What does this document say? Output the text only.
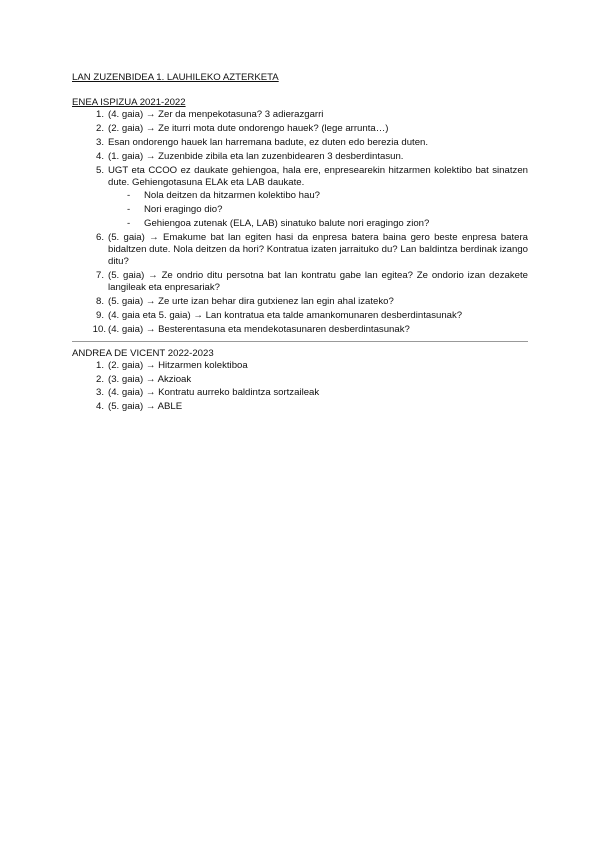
LAN ZUZENBIDEA 1. LAUHILEKO AZTERKETA

ENEA ISPIZUA 2021-2022

1. (4. gaia) → Zer da menpekotasuna? 3 adierazgarri
2. (2. gaia) → Ze iturri mota dute ondorengo hauek? (lege arrunta…)
3. Esan ondorengo hauek lan harremana badute, ez duten edo berezia duten.
4. (1. gaia) → Zuzenbide zibila eta lan zuzenbidearen 3 desberdintasun.
5. UGT eta CCOO ez daukate gehiengoa, hala ere, enpresearekin hitzarmen kolektibo bat sinatzen dute. Gehiengotasuna ELAk eta LAB daukate.
- Nola deitzen da hitzarmen kolektibo hau?
- Nori eragingo dio?
- Gehiengoa zutenak (ELA, LAB) sinatuko balute nori eragingo zion?
6. (5. gaia) → Emakume bat lan egiten hasi da enpresa batera baina gero beste enpresa batera bidaltzen dute. Nola deitzen da hori? Kontratua izaten jarraituko du? Lan baldintza berdinak izango ditu?
7. (5. gaia) → Ze ondrio ditu persotna bat lan kontratu gabe lan egitea? Ze ondorio izan dezakete langileak eta enpresariak?
8. (5. gaia) → Ze urte izan behar dira gutxienez lan egin ahal izateko?
9. (4. gaia eta 5. gaia) → Lan kontratua eta talde amankomunaren desberdintasunak?
10. (4. gaia) → Besterentasuna eta mendekotasunaren desberdintasunak?

ANDREA DE VICENT 2022-2023

1. (2. gaia) → Hitzarmen kolektiboa
2. (3. gaia) → Akzioak
3. (4. gaia) → Kontratu aurreko baldintza sortzaileak
4. (5. gaia) → ABLE
